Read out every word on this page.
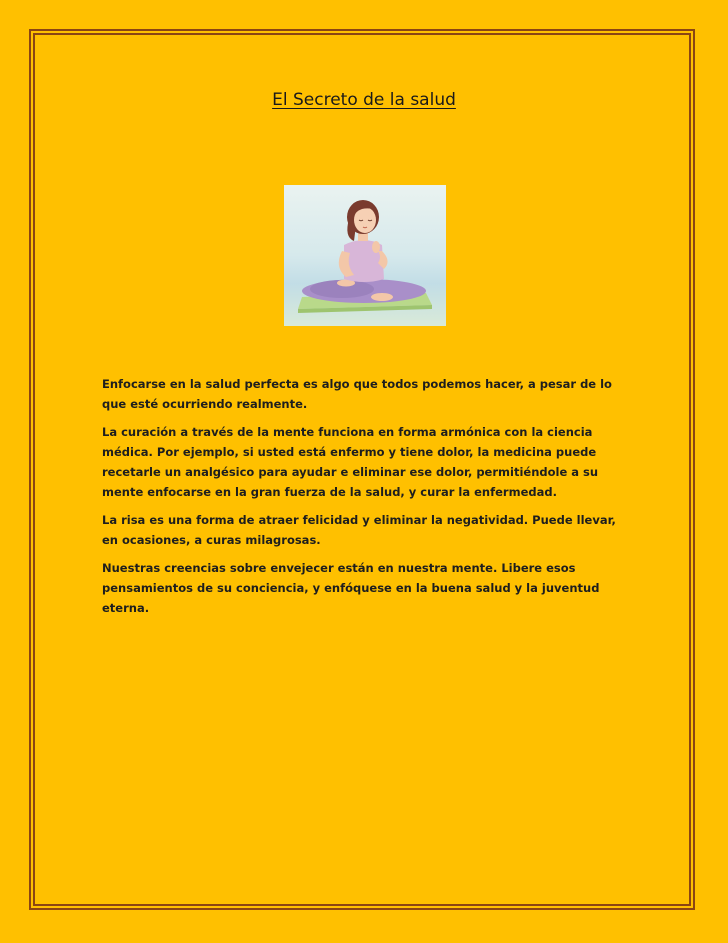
El Secreto de la salud

Enfocarse en la salud perfecta es algo que todos podemos hacer, a pesar de lo que esté ocurriendo realmente.

La curación a través de la mente funciona en forma armónica con la ciencia médica. Por ejemplo, si usted está enfermo y tiene dolor, la medicina puede recetarle un analgésico para ayudar e eliminar ese dolor, permitiéndole a su mente enfocarse en la gran fuerza de la salud, y curar la enfermedad.

La risa es una forma de atraer felicidad y eliminar la negatividad. Puede llevar, en ocasiones, a curas milagrosas.

Nuestras creencias sobre envejecer están en nuestra mente. Libere esos pensamientos de su conciencia, y enfóquese en la buena salud y la juventud eterna.
